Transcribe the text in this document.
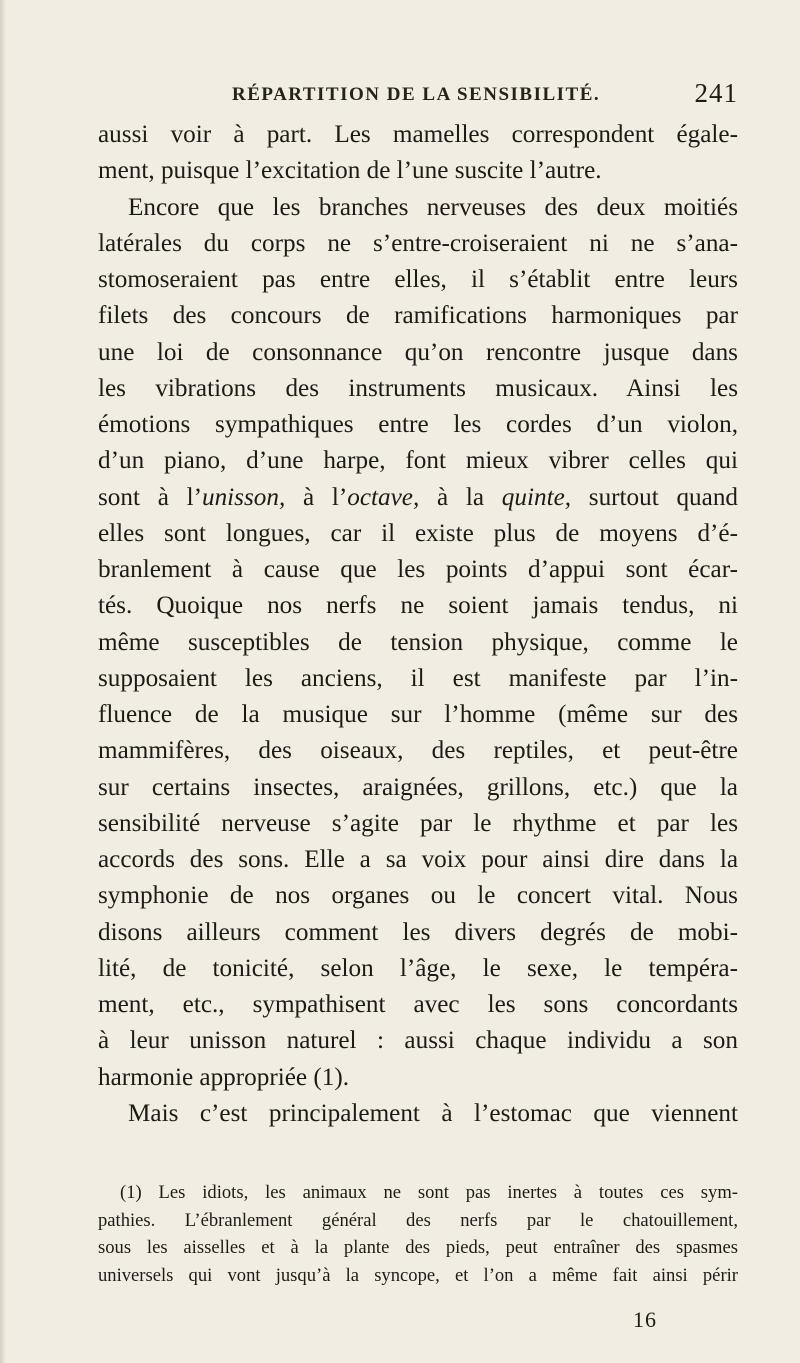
RÉPARTITION DE LA SENSIBILITÉ.	241
aussi voir à part. Les mamelles correspondent égale-
ment, puisque l’excitation de l’une suscite l’autre.
Encore que les branches nerveuses des deux moitiés
latérales du corps ne s’entre-croiseraient ni ne s’ana-
stomoseraient pas entre elles, il s’établit entre leurs
filets des concours de ramifications harmoniques par
une loi de consonnance qu’on rencontre jusque dans
les vibrations des instruments musicaux. Ainsi les
émotions sympathiques entre les cordes d’un violon,
d’un piano, d’une harpe, font mieux vibrer celles qui
sont à l’unisson, à l’octave, à la quinte, surtout quand
elles sont longues, car il existe plus de moyens d’é-
branlement à cause que les points d’appui sont écar-
tés. Quoique nos nerfs ne soient jamais tendus, ni
même susceptibles de tension physique, comme le
supposaient les anciens, il est manifeste par l’in-
fluence de la musique sur l’homme (même sur des
mammifères, des oiseaux, des reptiles, et peut-être
sur certains insectes, araignées, grillons, etc.) que la
sensibilité nerveuse s’agite par le rhythme et par les
accords des sons. Elle a sa voix pour ainsi dire dans la
symphonie de nos organes ou le concert vital. Nous
disons ailleurs comment les divers degrés de mobi-
lité, de tonicité, selon l’âge, le sexe, le tempéra-
ment, etc., sympathisent avec les sons concordants
à leur unisson naturel : aussi chaque individu a son
harmonie appropriée (1).
Mais c’est principalement à l’estomac que viennent
(1) Les idiots, les animaux ne sont pas inertes à toutes ces sym-
pathies. L’ébranlement général des nerfs par le chatouillement,
sous les aisselles et à la plante des pieds, peut entraîner des spasmes
universels qui vont jusqu’à la syncope, et l’on a même fait ainsi périr
16
